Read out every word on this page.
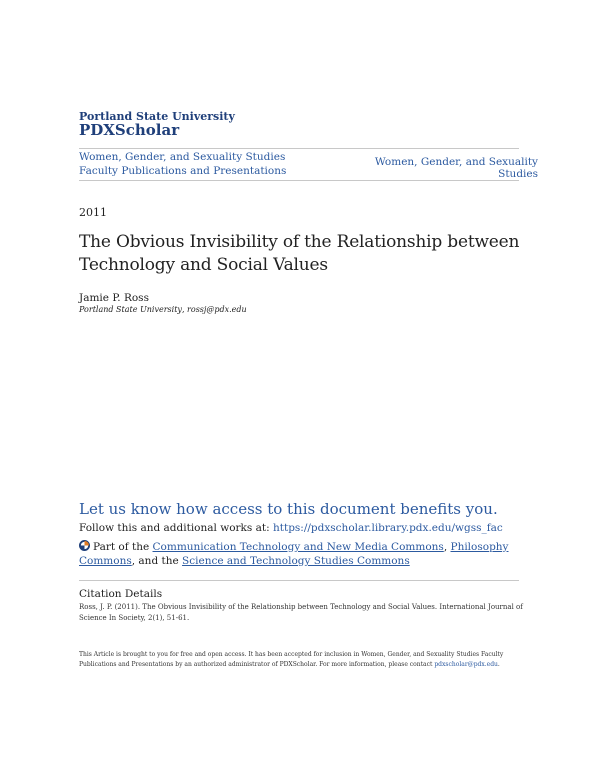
Portland State University
PDXScholar
Women, Gender, and Sexuality Studies Faculty Publications and Presentations
Women, Gender, and Sexuality Studies
2011
The Obvious Invisibility of the Relationship between Technology and Social Values
Jamie P. Ross
Portland State University, rossj@pdx.edu
Let us know how access to this document benefits you.
Follow this and additional works at: https://pdxscholar.library.pdx.edu/wgss_fac
Part of the Communication Technology and New Media Commons, Philosophy Commons, and the Science and Technology Studies Commons
Citation Details
Ross, J. P. (2011). The Obvious Invisibility of the Relationship between Technology and Social Values. International Journal of Science In Society, 2(1), 51-61.
This Article is brought to you for free and open access. It has been accepted for inclusion in Women, Gender, and Sexuality Studies Faculty Publications and Presentations by an authorized administrator of PDXScholar. For more information, please contact pdxscholar@pdx.edu.
